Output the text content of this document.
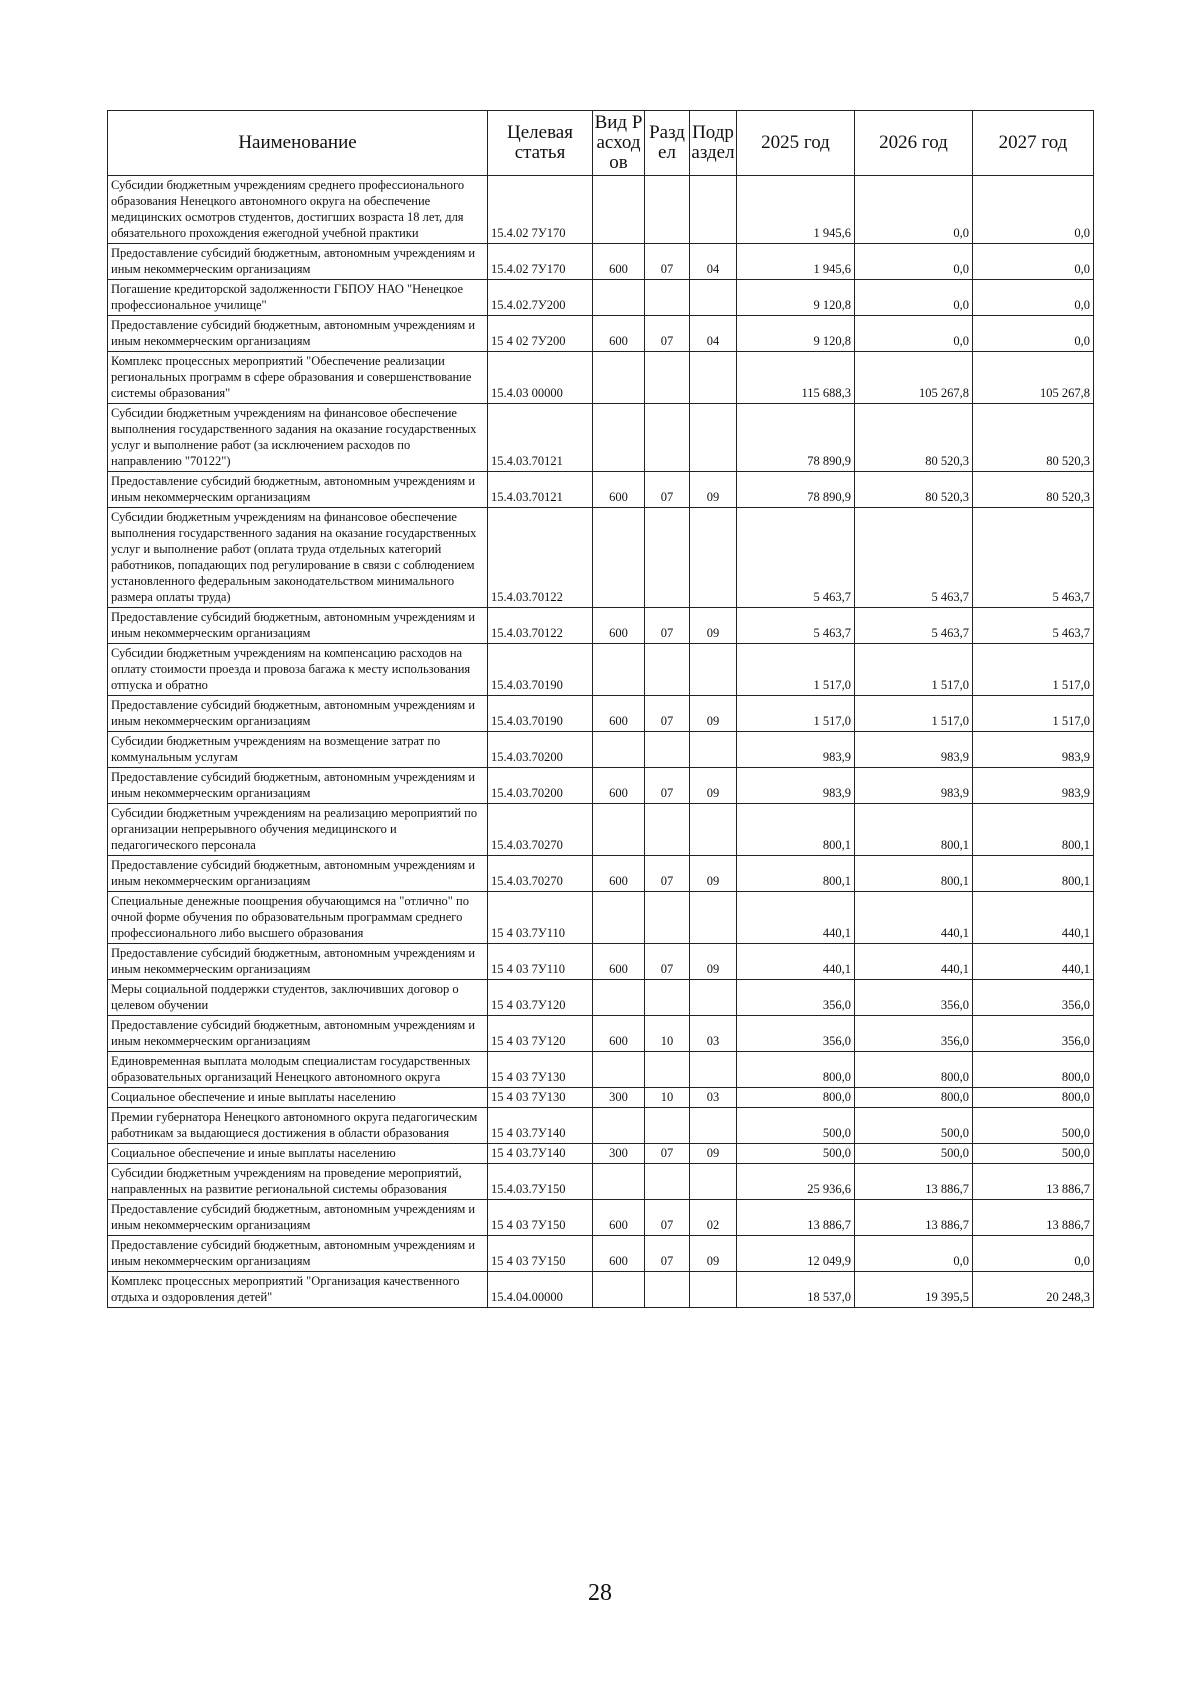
Наименование	Целевая статья	Вид Расходов	Раздел	Подраздел	2025 год	2026 год	2027 год
Субсидии бюджетным учреждениям среднего профессионального образования Ненецкого автономного округа на обеспечение медицинских осмотров студентов, достигших возраста 18 лет, для обязательного прохождения ежегодной учебной практики	15.4.02 7У170				1 945,6	0,0	0,0
Предоставление субсидий бюджетным, автономным учреждениям и иным некоммерческим организациям	15.4.02 7У170	600	07	04	1 945,6	0,0	0,0
Погашение кредиторской задолженности ГБПОУ НАО "Ненецкое профессиональное училище"	15.4.02.7У200				9 120,8	0,0	0,0
Предоставление субсидий бюджетным, автономным учреждениям и иным некоммерческим организациям	15 4 02 7У200	600	07	04	9 120,8	0,0	0,0
Комплекс процессных мероприятий "Обеспечение реализации региональных программ в сфере образования и совершенствование системы образования"	15.4.03 00000				115 688,3	105 267,8	105 267,8
Субсидии бюджетным учреждениям на финансовое обеспечение выполнения государственного задания на оказание государственных услуг и выполнение работ (за исключением расходов по направлению "70122")	15.4.03.70121				78 890,9	80 520,3	80 520,3
Предоставление субсидий бюджетным, автономным учреждениям и иным некоммерческим организациям	15.4.03.70121	600	07	09	78 890,9	80 520,3	80 520,3
Субсидии бюджетным учреждениям на финансовое обеспечение выполнения государственного задания на оказание государственных услуг и выполнение работ (оплата труда отдельных категорий работников, попадающих под регулирование в связи с соблюдением установленного федеральным законодательством минимального размера оплаты труда)	15.4.03.70122				5 463,7	5 463,7	5 463,7
Предоставление субсидий бюджетным, автономным учреждениям и иным некоммерческим организациям	15.4.03.70122	600	07	09	5 463,7	5 463,7	5 463,7
Субсидии бюджетным учреждениям на компенсацию расходов на оплату стоимости проезда и провоза багажа к месту использования отпуска и обратно	15.4.03.70190				1 517,0	1 517,0	1 517,0
Предоставление субсидий бюджетным, автономным учреждениям и иным некоммерческим организациям	15.4.03.70190	600	07	09	1 517,0	1 517,0	1 517,0
Субсидии бюджетным учреждениям на возмещение затрат по коммунальным услугам	15.4.03.70200				983,9	983,9	983,9
Предоставление субсидий бюджетным, автономным учреждениям и иным некоммерческим организациям	15.4.03.70200	600	07	09	983,9	983,9	983,9
Субсидии бюджетным учреждениям на реализацию мероприятий по организации непрерывного обучения медицинского и педагогического персонала	15.4.03.70270				800,1	800,1	800,1
Предоставление субсидий бюджетным, автономным учреждениям и иным некоммерческим организациям	15.4.03.70270	600	07	09	800,1	800,1	800,1
Специальные денежные поощрения обучающимся на "отлично" по очной форме обучения по образовательным программам среднего профессионального либо высшего образования	15 4 03.7У110				440,1	440,1	440,1
Предоставление субсидий бюджетным, автономным учреждениям и иным некоммерческим организациям	15 4 03 7У110	600	07	09	440,1	440,1	440,1
Меры социальной поддержки студентов, заключивших договор о целевом обучении	15 4 03.7У120				356,0	356,0	356,0
Предоставление субсидий бюджетным, автономным учреждениям и иным некоммерческим организациям	15 4 03 7У120	600	10	03	356,0	356,0	356,0
Единовременная выплата молодым специалистам государственных образовательных организаций Ненецкого автономного округа	15 4 03 7У130				800,0	800,0	800,0
Социальное обеспечение и иные выплаты населению	15 4 03 7У130	300	10	03	800,0	800,0	800,0
Премии губернатора Ненецкого автономного округа педагогическим работникам за выдающиеся достижения в области образования	15 4 03.7У140				500,0	500,0	500,0
Социальное обеспечение и иные выплаты населению	15 4 03.7У140	300	07	09	500,0	500,0	500,0
Субсидии бюджетным учреждениям на проведение мероприятий, направленных на развитие региональной системы образования	15.4.03.7У150				25 936,6	13 886,7	13 886,7
Предоставление субсидий бюджетным, автономным учреждениям и иным некоммерческим организациям	15 4 03 7У150	600	07	02	13 886,7	13 886,7	13 886,7
Предоставление субсидий бюджетным, автономным учреждениям и иным некоммерческим организациям	15 4 03 7У150	600	07	09	12 049,9	0,0	0,0
Комплекс процессных мероприятий "Организация качественного отдыха и оздоровления детей"	15.4.04.00000				18 537,0	19 395,5	20 248,3
28
